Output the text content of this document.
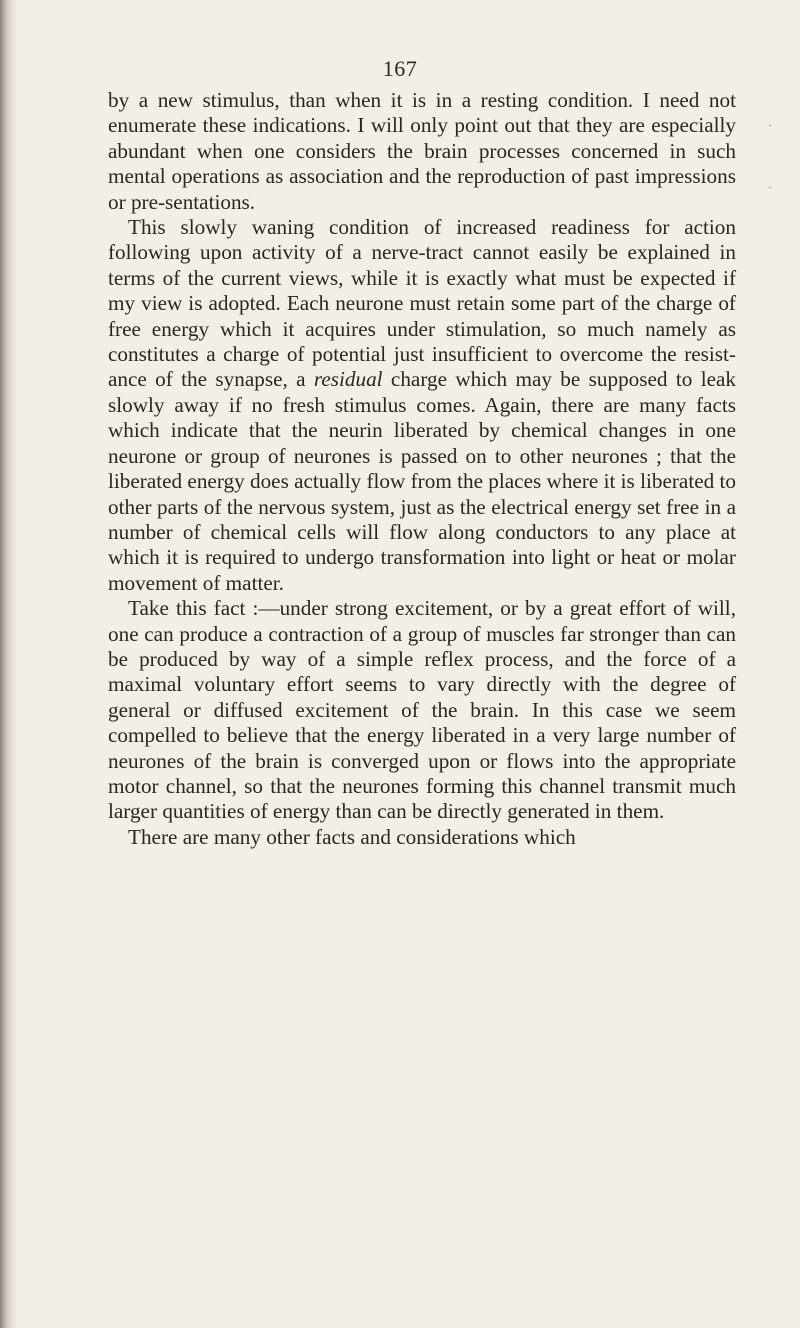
167

by a new stimulus, than when it is in a resting condition. I need not enumerate these indications. I will only point out that they are especially abundant when one considers the brain processes concerned in such mental operations as association and the reproduction of past impressions or pre-sentations.

This slowly waning condition of increased readiness for action following upon activity of a nerve-tract cannot easily be explained in terms of the current views, while it is exactly what must be expected if my view is adopted. Each neurone must retain some part of the charge of free energy which it acquires under stimulation, so much namely as constitutes a charge of potential just insufficient to overcome the resist-ance of the synapse, a residual charge which may be supposed to leak slowly away if no fresh stimulus comes. Again, there are many facts which indicate that the neurin liberated by chemical changes in one neurone or group of neurones is passed on to other neurones ; that the liberated energy does actually flow from the places where it is liberated to other parts of the nervous system, just as the electrical energy set free in a number of chemical cells will flow along conductors to any place at which it is required to undergo transformation into light or heat or molar movement of matter.

Take this fact :—under strong excitement, or by a great effort of will, one can produce a contraction of a group of muscles far stronger than can be produced by way of a simple reflex process, and the force of a maximal voluntary effort seems to vary directly with the degree of general or diffused excitement of the brain. In this case we seem compelled to believe that the energy liberated in a very large number of neurones of the brain is converged upon or flows into the appropriate motor channel, so that the neurones forming this channel transmit much larger quantities of energy than can be directly generated in them.

There are many other facts and considerations which

·
·
